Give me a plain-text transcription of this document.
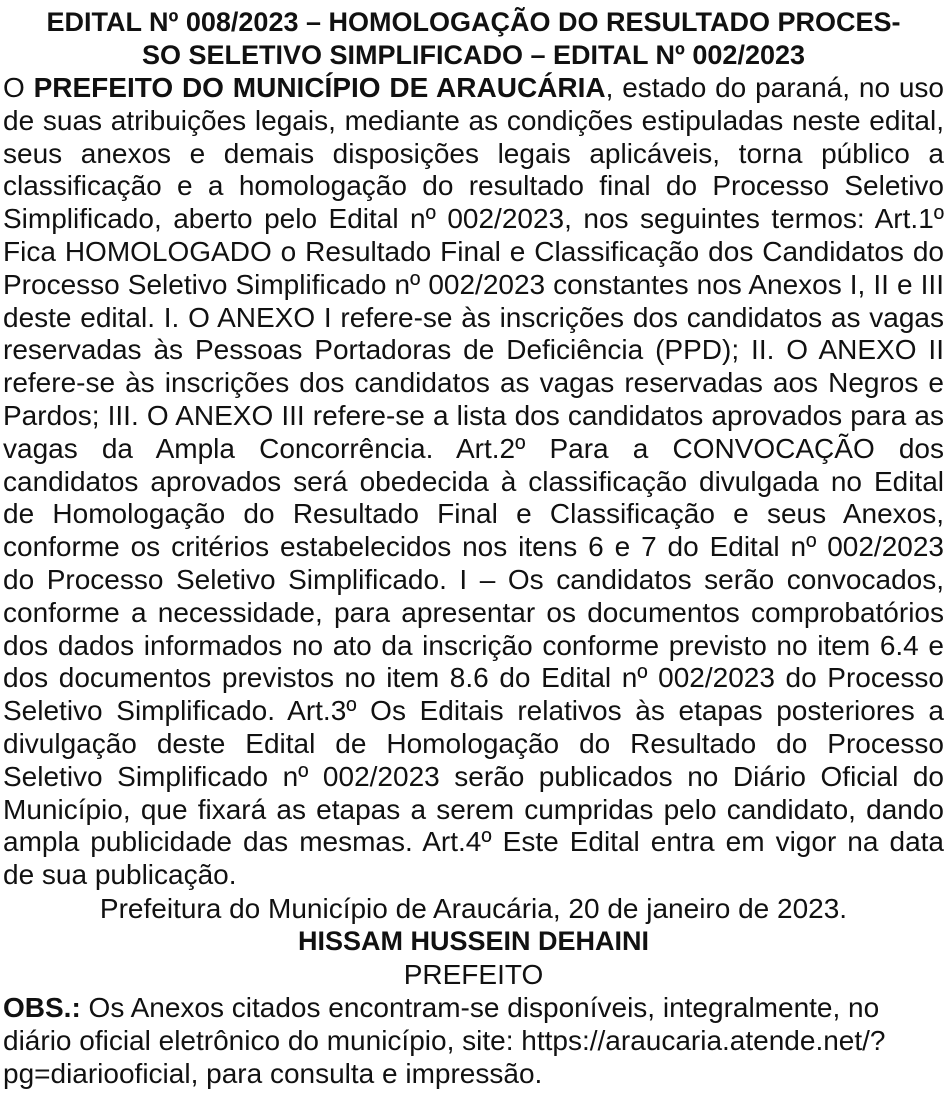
EDITAL Nº 008/2023 – HOMOLOGAÇÃO DO RESULTADO PROCES-
SO SELETIVO SIMPLIFICADO – EDITAL Nº 002/2023

O PREFEITO DO MUNICÍPIO DE ARAUCÁRIA, estado do paraná, no uso de suas atribuições legais, mediante as condições estipuladas neste edital, seus anexos e demais disposições legais aplicáveis, torna público a classificação e a homologação do resultado final do Processo Seletivo Simplificado, aberto pelo Edital nº 002/2023, nos seguintes termos: Art.1º Fica HOMOLOGADO o Resultado Final e Classificação dos Candidatos do Processo Seletivo Simplificado nº 002/2023 constantes nos Anexos I, II e III deste edital. I. O ANEXO I refere-se às inscrições dos candidatos as vagas reservadas às Pessoas Portadoras de Deficiência (PPD); II. O ANEXO II refere-se às inscrições dos candidatos as vagas reservadas aos Negros e Pardos; III. O ANEXO III refere-se a lista dos candidatos aprovados para as vagas da Ampla Concorrência. Art.2º Para a CONVOCAÇÃO dos candidatos aprovados será obedecida à classificação divulgada no Edital de Homologação do Resultado Final e Classificação e seus Anexos, conforme os critérios estabelecidos nos itens 6 e 7 do Edital nº 002/2023 do Processo Seletivo Simplificado. I – Os candidatos serão convocados, conforme a necessidade, para apresentar os documentos comprobatórios dos dados informados no ato da inscrição conforme previsto no item 6.4 e dos documentos previstos no item 8.6 do Edital nº 002/2023 do Processo Seletivo Simplificado. Art.3º Os Editais relativos às etapas posteriores a divulgação deste Edital de Homologação do Resultado do Processo Seletivo Simplificado nº 002/2023 serão publicados no Diário Oficial do Município, que fixará as etapas a serem cumpridas pelo candidato, dando ampla publicidade das mesmas. Art.4º Este Edital entra em vigor na data de sua publicação.

Prefeitura do Município de Araucária, 20 de janeiro de 2023.

HISSAM HUSSEIN DEHAINI

PREFEITO

OBS.: Os Anexos citados encontram-se disponíveis, integralmente, no diário oficial eletrônico do município, site: https://araucaria.atende.net/?pg=diariooficial, para consulta e impressão.
